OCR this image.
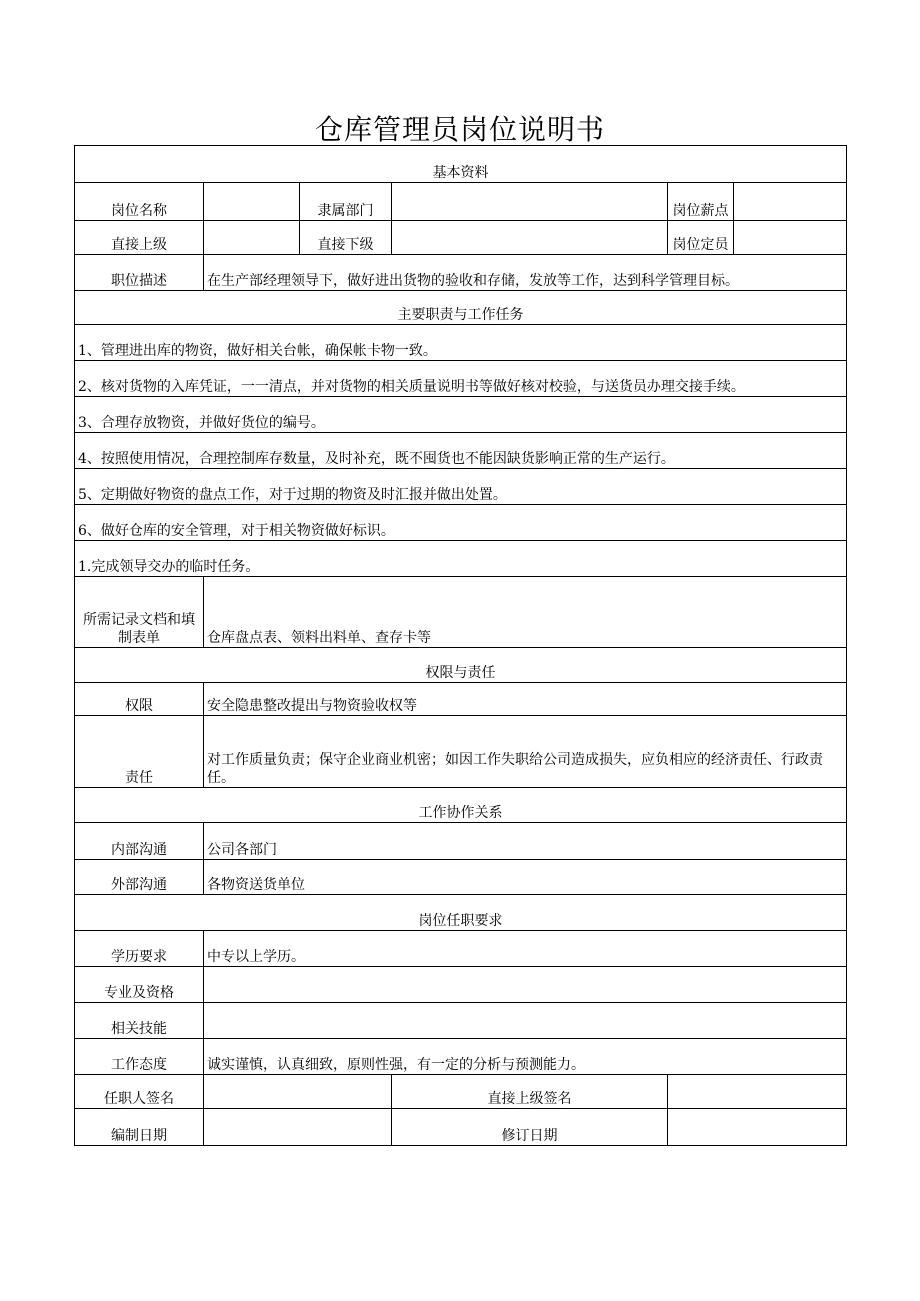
仓库管理员岗位说明书
基本资料					
岗位名称		隶属部门		岗位薪点	
直接上级		直接下级		岗位定员	
职位描述	在生产部经理领导下，做好进出货物的验收和存储，发放等工作，达到科学管理目标。				
主要职责与工作任务					
1、管理进出库的物资，做好相关台帐，确保帐卡物一致。					
2、核对货物的入库凭证，一一清点，并对货物的相关质量说明书等做好核对校验，与送货员办理交接手续。					
3、合理存放物资，并做好货位的编号。					
4、按照使用情况，合理控制库存数量，及时补充，既不囤货也不能因缺货影响正常的生产运行。					
5、定期做好物资的盘点工作，对于过期的物资及时汇报并做出处置。					
6、做好仓库的安全管理，对于相关物资做好标识。					
1.完成领导交办的临时任务。					
所需记录文档和填制表单	仓库盘点表、领料出料单、查存卡等				
权限与责任					
权限	安全隐患整改提出与物资验收权等				
责任	对工作质量负责；保守企业商业机密；如因工作失职给公司造成损失，应负相应的经济责任、行政责任。				
工作协作关系					
内部沟通	公司各部门				
外部沟通	各物资送货单位				
岗位任职要求					
学历要求	中专以上学历。				
专业及资格					
相关技能					
工作态度	诚实谨慎，认真细致，原则性强，有一定的分析与预测能力。				
任职人签名			直接上级签名		
编制日期			修订日期		
